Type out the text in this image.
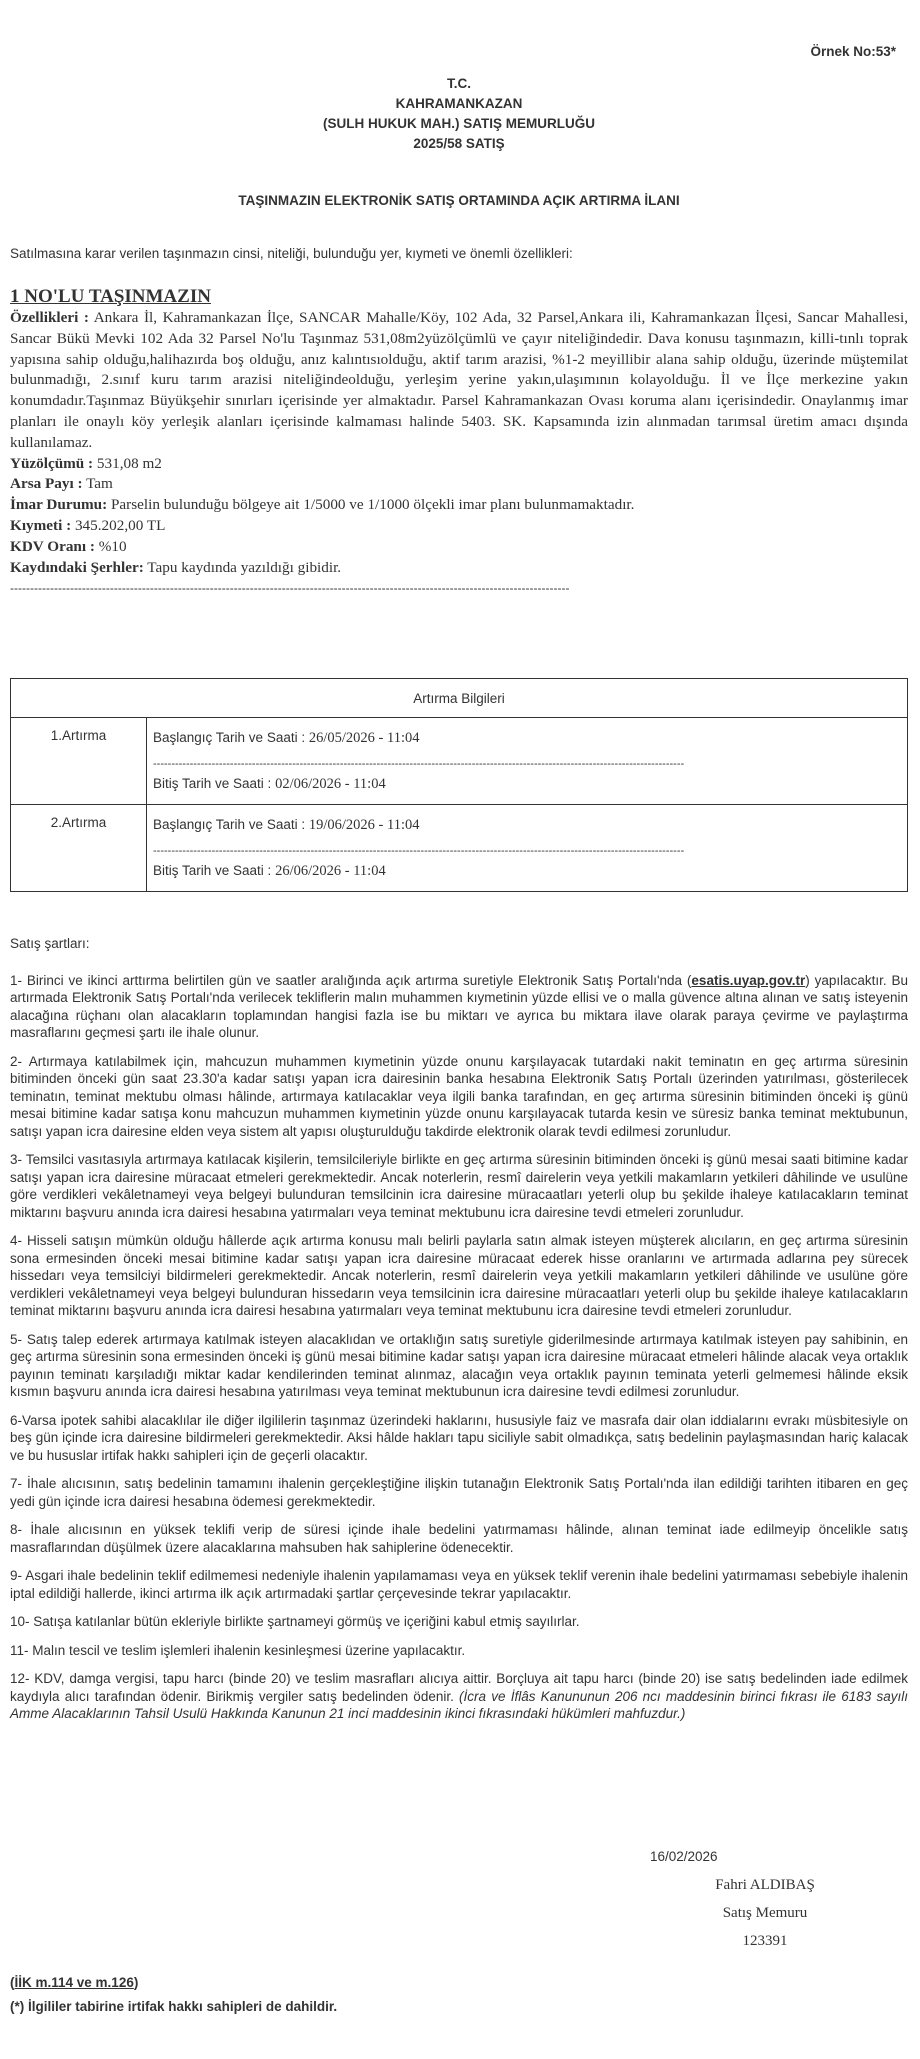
Örnek No:53*
T.C.
KAHRAMANKAZAN
(SULH HUKUK MAH.) SATIŞ MEMURLUĞU
2025/58 SATIŞ
TAŞINMAZIN ELEKTRONİK SATIŞ ORTAMINDA AÇIK ARTIRMA İLANI
Satılmasına karar verilen taşınmazın cinsi, niteliği, bulunduğu yer, kıymeti ve önemli özellikleri:
1 NO'LU TAŞINMAZIN

Özellikleri : Ankara İl, Kahramankazan İlçe, SANCAR Mahalle/Köy, 102 Ada, 32 Parsel,Ankara ili, Kahramankazan İlçesi, Sancar Mahallesi, Sancar Bükü Mevki 102 Ada 32 Parsel No'lu Taşınmaz 531,08m2yüzölçümlü ve çayır niteliğindedir. Dava konusu taşınmazın, killi-tınlı toprak yapısına sahip olduğu,halihazırda boş olduğu, anız kalıntısıolduğu, aktif tarım arazisi, %1-2 meyillibir alana sahip olduğu, üzerinde müştemilat bulunmadığı, 2.sınıf kuru tarım arazisi niteliğindeolduğu, yerleşim yerine yakın,ulaşımının kolayolduğu. İl ve İlçe merkezine yakın konumdadır.Taşınmaz Büyükşehir sınırları içerisinde yer almaktadır. Parsel Kahramankazan Ovası koruma alanı içerisindedir. Onaylanmış imar planları ile onaylı köy yerleşik alanları içerisinde kalmaması halinde 5403. SK. Kapsamında izin alınmadan tarımsal üretim amacı dışında kullanılamaz.

Yüzölçümü : 531,08 m2

Arsa Payı : Tam

İmar Durumu: Parselin bulunduğu bölgeye ait 1/5000 ve 1/1000 ölçekli imar planı bulunmamaktadır.

Kıymeti : 345.202,00 TL

KDV Oranı : %10

Kaydındaki Şerhler: Tapu kaydında yazıldığı gibidir.

--------------------------------------------------------------------------------------------------------------------------------------------
Artırma Bilgileri	
1.Artırma	Başlangıç Tarih ve Saati : 26/05/2026 - 11:04
-------------------------------------------------------------------------------------------------------------------------------------------------
Bitiş Tarih ve Saati : 02/06/2026 - 11:04

2.Artırma	Başlangıç Tarih ve Saati : 19/06/2026 - 11:04
-------------------------------------------------------------------------------------------------------------------------------------------------
Bitiş Tarih ve Saati : 26/06/2026 - 11:04

Satış şartları:

1- Birinci ve ikinci arttırma belirtilen gün ve saatler aralığında açık artırma suretiyle Elektronik Satış Portalı'nda (esatis.uyap.gov.tr) yapılacaktır. Bu artırmada Elektronik Satış Portalı'nda verilecek tekliflerin malın muhammen kıymetinin yüzde ellisi ve o malla güvence altına alınan ve satış isteyenin alacağına rüçhanı olan alacakların toplamından hangisi fazla ise bu miktarı ve ayrıca bu miktara ilave olarak paraya çevirme ve paylaştırma masraflarını geçmesi şartı ile ihale olunur.

2- Artırmaya katılabilmek için, mahcuzun muhammen kıymetinin yüzde onunu karşılayacak tutardaki nakit teminatın en geç artırma süresinin bitiminden önceki gün saat 23.30'a kadar satışı yapan icra dairesinin banka hesabına Elektronik Satış Portalı üzerinden yatırılması, gösterilecek teminatın, teminat mektubu olması hâlinde, artırmaya katılacaklar veya ilgili banka tarafından, en geç artırma süresinin bitiminden önceki iş günü mesai bitimine kadar satışa konu mahcuzun muhammen kıymetinin yüzde onunu karşılayacak tutarda kesin ve süresiz banka teminat mektubunun, satışı yapan icra dairesine elden veya sistem alt yapısı oluşturulduğu takdirde elektronik olarak tevdi edilmesi zorunludur.

3- Temsilci vasıtasıyla artırmaya katılacak kişilerin, temsilcileriyle birlikte en geç artırma süresinin bitiminden önceki iş günü mesai saati bitimine kadar satışı yapan icra dairesine müracaat etmeleri gerekmektedir. Ancak noterlerin, resmî dairelerin veya yetkili makamların yetkileri dâhilinde ve usulüne göre verdikleri vekâletnameyi veya belgeyi bulunduran temsilcinin icra dairesine müracaatları yeterli olup bu şekilde ihaleye katılacakların teminat miktarını başvuru anında icra dairesi hesabına yatırmaları veya teminat mektubunu icra dairesine tevdi etmeleri zorunludur.

4- Hisseli satışın mümkün olduğu hâllerde açık artırma konusu malı belirli paylarla satın almak isteyen müşterek alıcıların, en geç artırma süresinin sona ermesinden önceki mesai bitimine kadar satışı yapan icra dairesine müracaat ederek hisse oranlarını ve artırmada adlarına pey sürecek hissedarı veya temsilciyi bildirmeleri gerekmektedir. Ancak noterlerin, resmî dairelerin veya yetkili makamların yetkileri dâhilinde ve usulüne göre verdikleri vekâletnameyi veya belgeyi bulunduran hissedarın veya temsilcinin icra dairesine müracaatları yeterli olup bu şekilde ihaleye katılacakların teminat miktarını başvuru anında icra dairesi hesabına yatırmaları veya teminat mektubunu icra dairesine tevdi etmeleri zorunludur.

5- Satış talep ederek artırmaya katılmak isteyen alacaklıdan ve ortaklığın satış suretiyle giderilmesinde artırmaya katılmak isteyen pay sahibinin, en geç artırma süresinin sona ermesinden önceki iş günü mesai bitimine kadar satışı yapan icra dairesine müracaat etmeleri hâlinde alacak veya ortaklık payının teminatı karşıladığı miktar kadar kendilerinden teminat alınmaz, alacağın veya ortaklık payının teminata yeterli gelmemesi hâlinde eksik kısmın başvuru anında icra dairesi hesabına yatırılması veya teminat mektubunun icra dairesine tevdi edilmesi zorunludur.

6-Varsa ipotek sahibi alacaklılar ile diğer ilgililerin taşınmaz üzerindeki haklarını, hususiyle faiz ve masrafa dair olan iddialarını evrakı müsbitesiyle on beş gün içinde icra dairesine bildirmeleri gerekmektedir. Aksi hâlde hakları tapu siciliyle sabit olmadıkça, satış bedelinin paylaşmasından hariç kalacak ve bu hususlar irtifak hakkı sahipleri için de geçerli olacaktır.

7- İhale alıcısının, satış bedelinin tamamını ihalenin gerçekleştiğine ilişkin tutanağın Elektronik Satış Portalı'nda ilan edildiği tarihten itibaren en geç yedi gün içinde icra dairesi hesabına ödemesi gerekmektedir.

8- İhale alıcısının en yüksek teklifi verip de süresi içinde ihale bedelini yatırmaması hâlinde, alınan teminat iade edilmeyip öncelikle satış masraflarından düşülmek üzere alacaklarına mahsuben hak sahiplerine ödenecektir.

9- Asgari ihale bedelinin teklif edilmemesi nedeniyle ihalenin yapılamaması veya en yüksek teklif verenin ihale bedelini yatırmaması sebebiyle ihalenin iptal edildiği hallerde, ikinci artırma ilk açık artırmadaki şartlar çerçevesinde tekrar yapılacaktır.

10- Satışa katılanlar bütün ekleriyle birlikte şartnameyi görmüş ve içeriğini kabul etmiş sayılırlar.

11- Malın tescil ve teslim işlemleri ihalenin kesinleşmesi üzerine yapılacaktır.

12- KDV, damga vergisi, tapu harcı (binde 20) ve teslim masrafları alıcıya aittir. Borçluya ait tapu harcı (binde 20) ise satış bedelinden iade edilmek kaydıyla alıcı tarafından ödenir. Birikmiş vergiler satış bedelinden ödenir. (İcra ve İflâs Kanununun 206 ncı maddesinin birinci fıkrası ile 6183 sayılı Amme Alacaklarının Tahsil Usulü Hakkında Kanunun 21 inci maddesinin ikinci fıkrasındaki hükümleri mahfuzdur.)

16/02/2026
Fahri ALDIBAŞ
Satış Memuru
123391
(İİK m.114 ve m.126)
(*) İlgililer tabirine irtifak hakkı sahipleri de dahildir.
